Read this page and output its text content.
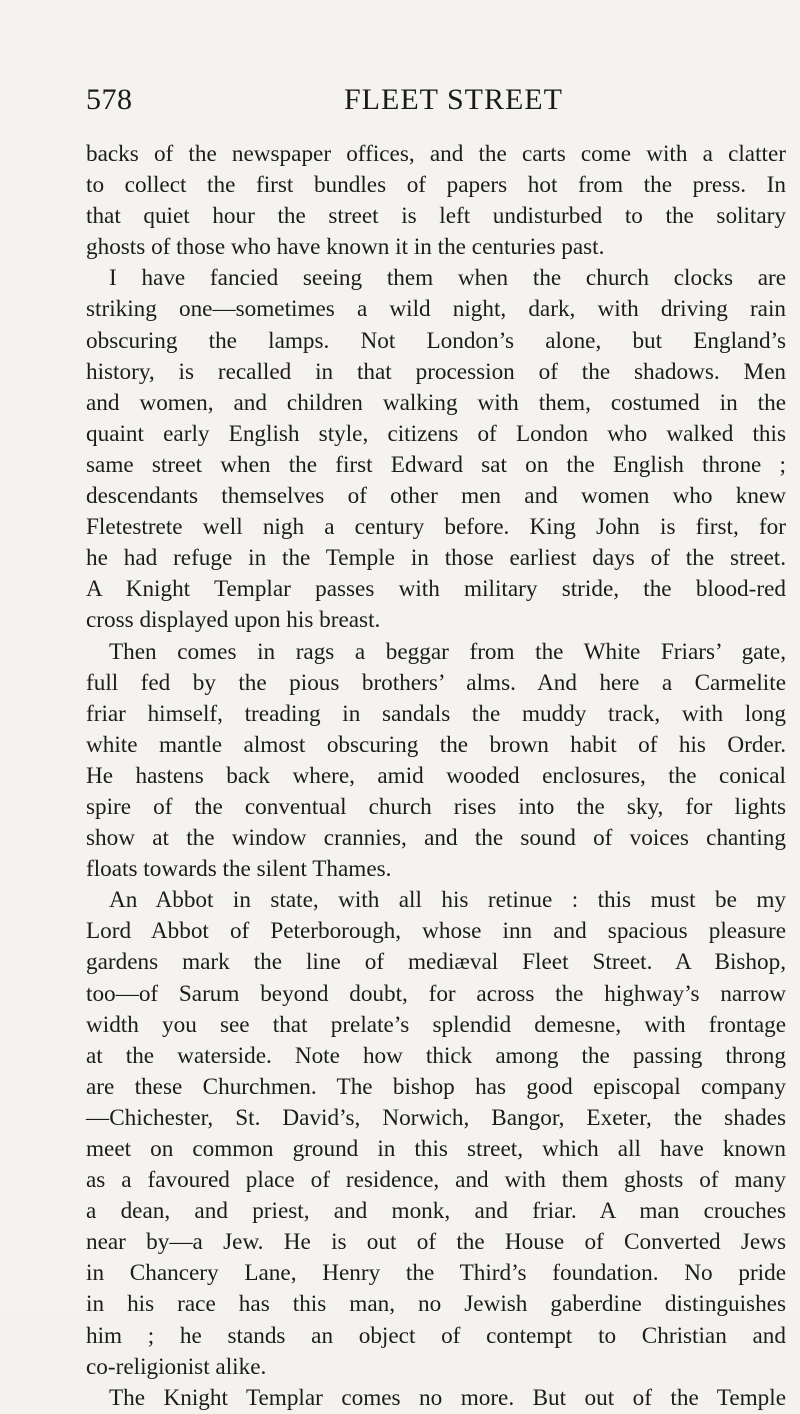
578	FLEET STREET
backs of the newspaper offices, and the carts come with a clatter
to collect the first bundles of papers hot from the press. In
that quiet hour the street is left undisturbed to the solitary
ghosts of those who have known it in the centuries past.
I have fancied seeing them when the church clocks are
striking one—sometimes a wild night, dark, with driving rain
obscuring the lamps. Not London’s alone, but England’s
history, is recalled in that procession of the shadows. Men
and women, and children walking with them, costumed in the
quaint early English style, citizens of London who walked this
same street when the first Edward sat on the English throne ;
descendants themselves of other men and women who knew
Fletestrete well nigh a century before. King John is first, for
he had refuge in the Temple in those earliest days of the street.
A Knight Templar passes with military stride, the blood-red
cross displayed upon his breast.
Then comes in rags a beggar from the White Friars’ gate,
full fed by the pious brothers’ alms. And here a Carmelite
friar himself, treading in sandals the muddy track, with long
white mantle almost obscuring the brown habit of his Order.
He hastens back where, amid wooded enclosures, the conical
spire of the conventual church rises into the sky, for lights
show at the window crannies, and the sound of voices chanting
floats towards the silent Thames.
An Abbot in state, with all his retinue : this must be my
Lord Abbot of Peterborough, whose inn and spacious pleasure
gardens mark the line of mediæval Fleet Street. A Bishop,
too—of Sarum beyond doubt, for across the highway’s narrow
width you see that prelate’s splendid demesne, with frontage
at the waterside. Note how thick among the passing throng
are these Churchmen. The bishop has good episcopal company
—Chichester, St. David’s, Norwich, Bangor, Exeter, the shades
meet on common ground in this street, which all have known
as a favoured place of residence, and with them ghosts of many
a dean, and priest, and monk, and friar. A man crouches
near by—a Jew. He is out of the House of Converted Jews
in Chancery Lane, Henry the Third’s foundation. No pride
in his race has this man, no Jewish gaberdine distinguishes
him ; he stands an object of contempt to Christian and
co-religionist alike.
The Knight Templar comes no more. But out of the Temple
